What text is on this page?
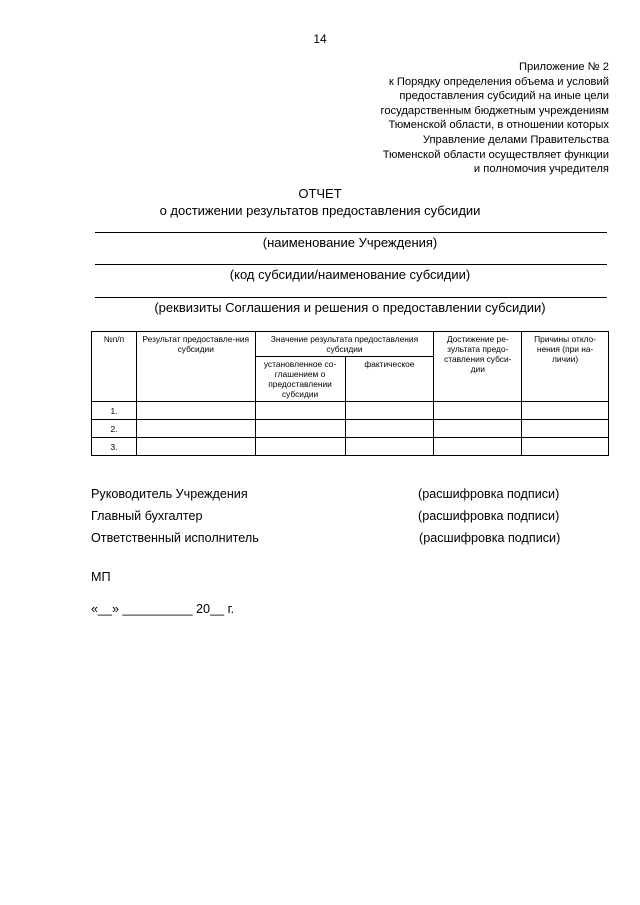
14
Приложение № 2
к Порядку определения объема и условий
предоставления субсидий на иные цели
государственным бюджетным учреждениям
Тюменской области, в отношении которых
Управление делами Правительства
Тюменской области осуществляет функции
и полномочия учредителя
ОТЧЕТ
о достижении результатов предоставления субсидии
(наименование Учреждения)
(код субсидии/наименование субсидии)
(реквизиты Соглашения и решения о предоставлении субсидии)
№п/п	Результат предоставле-ния субсидии	Значение результата предоставления субсидии		Достижение ре-зультата предо-ставления субси-дии	Причины откло-нения (при на-личии)
		установленное со-глашением о предоставлении субсидии	фактическое		
1.					
2.					
3.					
Руководитель Учреждения	(расшифровка подписи)
Главный бухгалтер	(расшифровка подписи)
Ответственный исполнитель	(расшифровка подписи)
МП
«__» __________ 20__ г.
